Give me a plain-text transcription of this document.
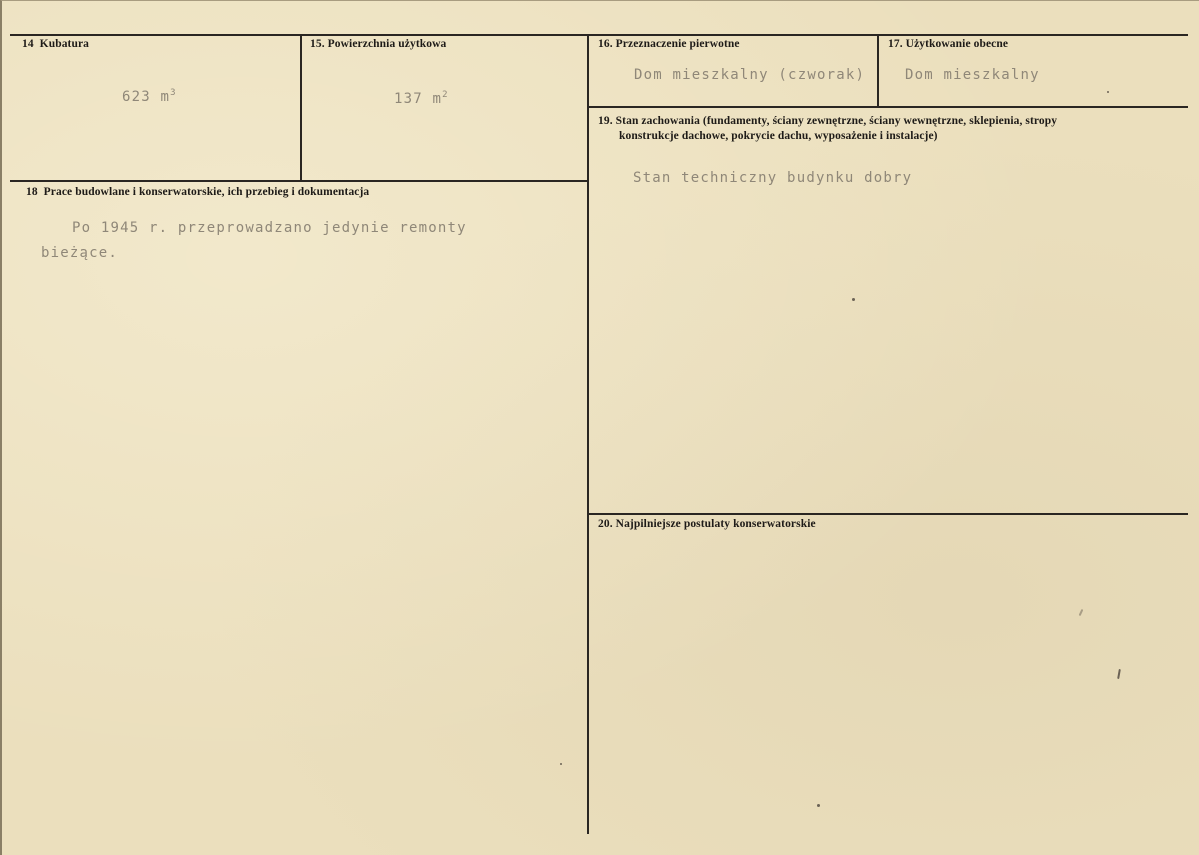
14 Kubatura
623 $m^3$
15. Powierzchnia użytkowa
137 $m^2$
16. Przeznaczenie pierwotne
Dom mieszkalny (czworak)
17. Użytkowanie obecne
Dom mieszkalny
18 Prace budowlane i konserwatorskie, ich przebieg i dokumentacja
Po 1945 r. przeprowadzano jedynie remonty
bieżące.
19. Stan zachowania (fundamenty, ściany zewnętrzne, ściany wewnętrzne, sklepienia, stropy
konstrukcje dachowe, pokrycie dachu, wyposażenie i instalacje)
Stan techniczny budynku dobry
20. Najpilniejsze postulaty konserwatorskie
